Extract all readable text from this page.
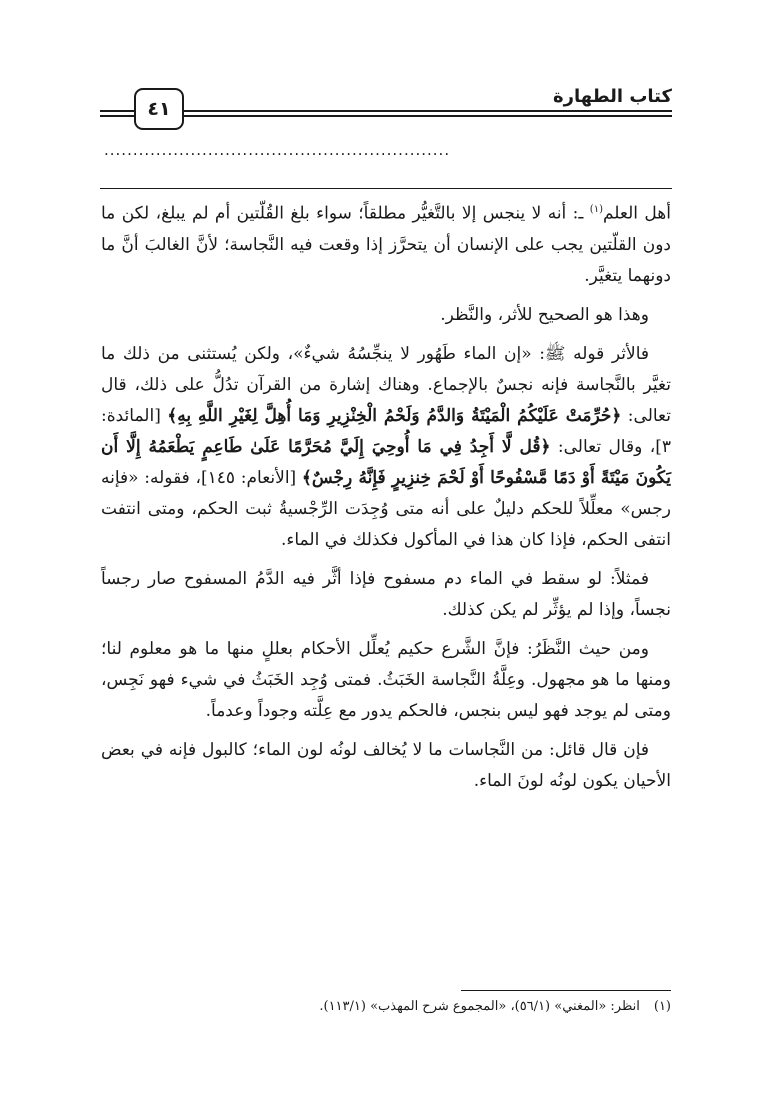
٤١
كتاب الطهارة
............................................................

أهل العلم$^{(١)}$ ـ: أنه لا ينجس إلا بالتَّغيُّر مطلقاً؛ سواء بلغ القُلّتين أم لم يبلغ، لكن ما دون القلّتين يجب على الإنسان أن يتحرَّز إذا وقعت فيه النَّجاسة؛ لأنَّ الغالبَ أنَّ ما دونهما يتغيَّر.

وهذا هو الصحيح للأثر، والنَّظر.

فالأثر قوله ﷺ: «إن الماء طَهُور لا ينجِّسُهُ شيءٌ»، ولكن يُستثنى من ذلك ما تغيَّر بالنَّجاسة فإنه نجسٌ بالإجماع. وهناك إشارة من القرآن تدُلُّ على ذلك، قال تعالى: ﴿حُرِّمَتْ عَلَيْكُمُ الْمَيْتَةُ وَالدَّمُ وَلَحْمُ الْخِنْزِيرِ وَمَا أُهِلَّ لِغَيْرِ اللَّهِ بِهِ﴾ [المائدة: ٣]، وقال تعالى: ﴿قُل لَّا أَجِدُ فِي مَا أُوحِيَ إِلَيَّ مُحَرَّمًا عَلَىٰ طَاعِمٍ يَطْعَمُهُ إِلَّا أَن يَكُونَ مَيْتَةً أَوْ دَمًا مَّسْفُوحًا أَوْ لَحْمَ خِنزِيرٍ فَإِنَّهُ رِجْسٌ﴾ [الأنعام: ١٤٥]، فقوله: «فإنه رجس» معلِّلاً للحكم دليلٌ على أنه متى وُجِدَت الرِّجْسيةُ ثبت الحكم، ومتى انتفت انتفى الحكم، فإذا كان هذا في المأكول فكذلك في الماء.

فمثلاً: لو سقط في الماء دم مسفوح فإذا أثَّر فيه الدَّمُ المسفوح صار رجساً نجساً، وإذا لم يؤثِّر لم يكن كذلك.

ومن حيث النَّظَرُ: فإنَّ الشَّرع حكيم يُعلِّل الأحكام بعللٍ منها ما هو معلوم لنا؛ ومنها ما هو مجهول. وعِلَّةُ النَّجاسة الخَبَثُ. فمتى وُجِد الخَبَثُ في شيء فهو نَجِس، ومتى لم يوجد فهو ليس بنجس، فالحكم يدور مع عِلَّته وجوداً وعدماً.

فإن قال قائل: من النَّجاسات ما لا يُخالف لونُه لون الماء؛ كالبول فإنه في بعض الأحيان يكون لونُه لونَ الماء.

(١)انظر: «المغني» (٥٦/١)، «المجموع شرح المهذب» (١١٣/١).
